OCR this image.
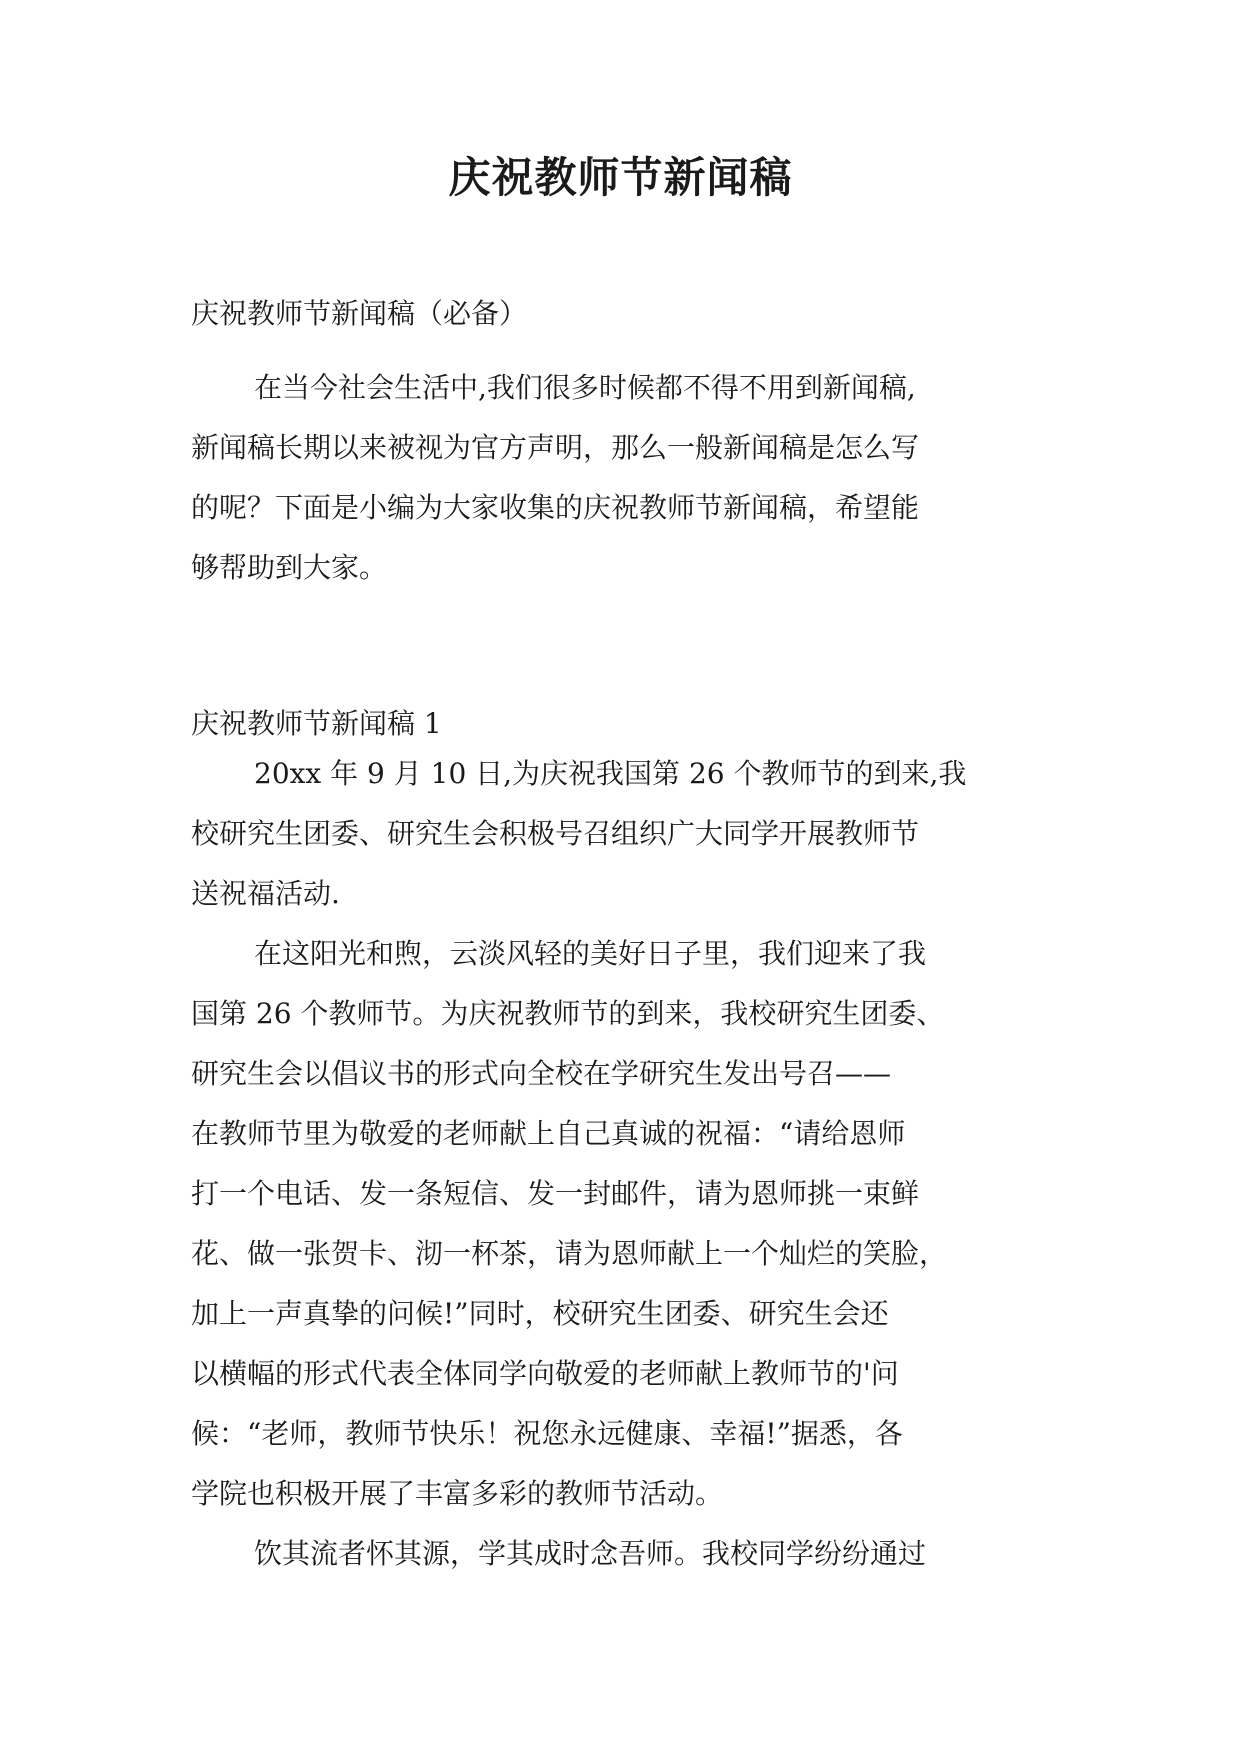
庆祝教师节新闻稿
庆祝教师节新闻稿（必备）
在当今社会生活中,我们很多时候都不得不用到新闻稿,
新闻稿长期以来被视为官方声明，那么一般新闻稿是怎么写
的呢？下面是小编为大家收集的庆祝教师节新闻稿，希望能
够帮助到大家。
庆祝教师节新闻稿 1
20xx 年 9 月 10 日,为庆祝我国第 26 个教师节的到来,我
校研究生团委、研究生会积极号召组织广大同学开展教师节
送祝福活动.
在这阳光和煦，云淡风轻的美好日子里，我们迎来了我
国第 26 个教师节。为庆祝教师节的到来，我校研究生团委、
研究生会以倡议书的形式向全校在学研究生发出号召——
在教师节里为敬爱的老师献上自己真诚的祝福：“请给恩师
打一个电话、发一条短信、发一封邮件，请为恩师挑一束鲜
花、做一张贺卡、沏一杯茶，请为恩师献上一个灿烂的笑脸，
加上一声真挚的问候!”同时，校研究生团委、研究生会还
以横幅的形式代表全体同学向敬爱的老师献上教师节的'问
候：“老师，教师节快乐！祝您永远健康、幸福!”据悉，各
学院也积极开展了丰富多彩的教师节活动。
饮其流者怀其源，学其成时念吾师。我校同学纷纷通过
